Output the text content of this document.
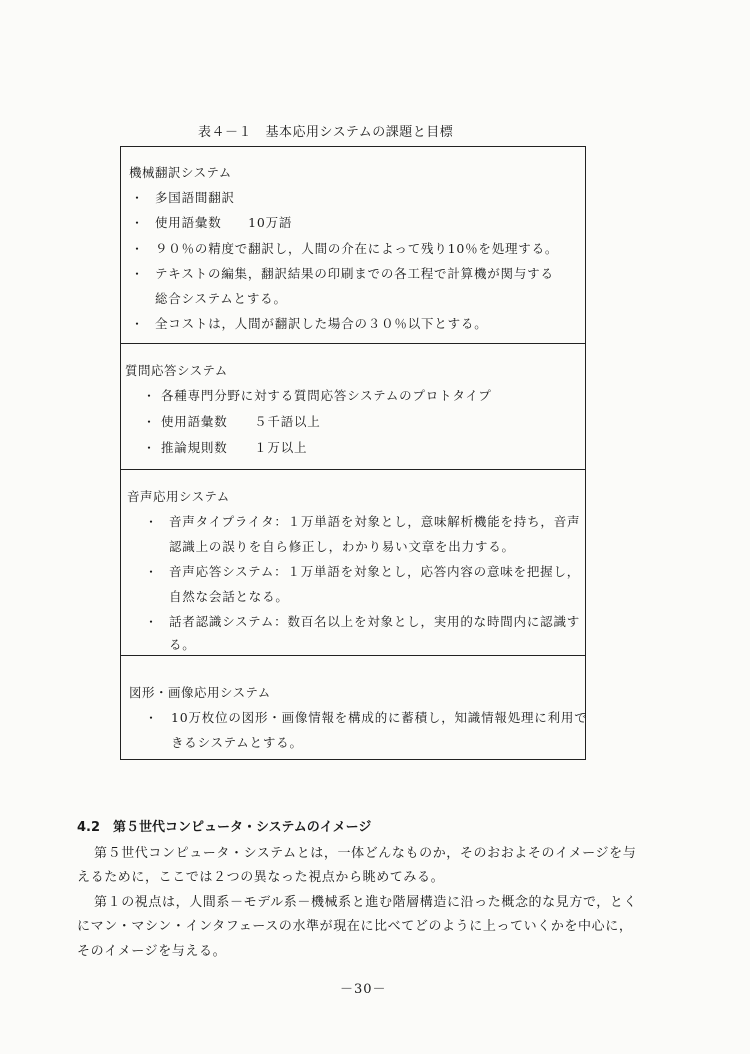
表４－１　基本応用システムの課題と目標
機械翻訳システム
・ 多国語間翻訳
・ 使用語彙数　　10万語
・ ９０％の精度で翻訳し，人間の介在によって残り10％を処理する。
・ テキストの編集，翻訳結果の印刷までの各工程で計算機が関与する
総合システムとする。
・ 全コストは，人間が翻訳した場合の３０％以下とする。
質問応答システム
・ 各種専門分野に対する質問応答システムのプロトタイプ
・ 使用語彙数　　５千語以上
・ 推論規則数　　１万以上
音声応用システム
・ 音声タイプライタ：１万単語を対象とし，意味解析機能を持ち，音声
認識上の誤りを自ら修正し，わかり易い文章を出力する。
・ 音声応答システム：１万単語を対象とし，応答内容の意味を把握し，
自然な会話となる。
・ 話者認識システム：数百名以上を対象とし，実用的な時間内に認識す
る。
図形・画像応用システム
・ 10万枚位の図形・画像情報を構成的に蓄積し，知識情報処理に利用で
きるシステムとする。
4.2　第５世代コンピュータ・システムのイメージ
第５世代コンピュータ・システムとは，一体どんなものか，そのおおよそのイメージを与
えるために，ここでは２つの異なった視点から眺めてみる。
第１の視点は，人間系－モデル系－機械系と進む階層構造に沿った概念的な見方で，とく
にマン・マシン・インタフェースの水準が現在に比べてどのように上っていくかを中心に，
そのイメージを与える。
－30－
